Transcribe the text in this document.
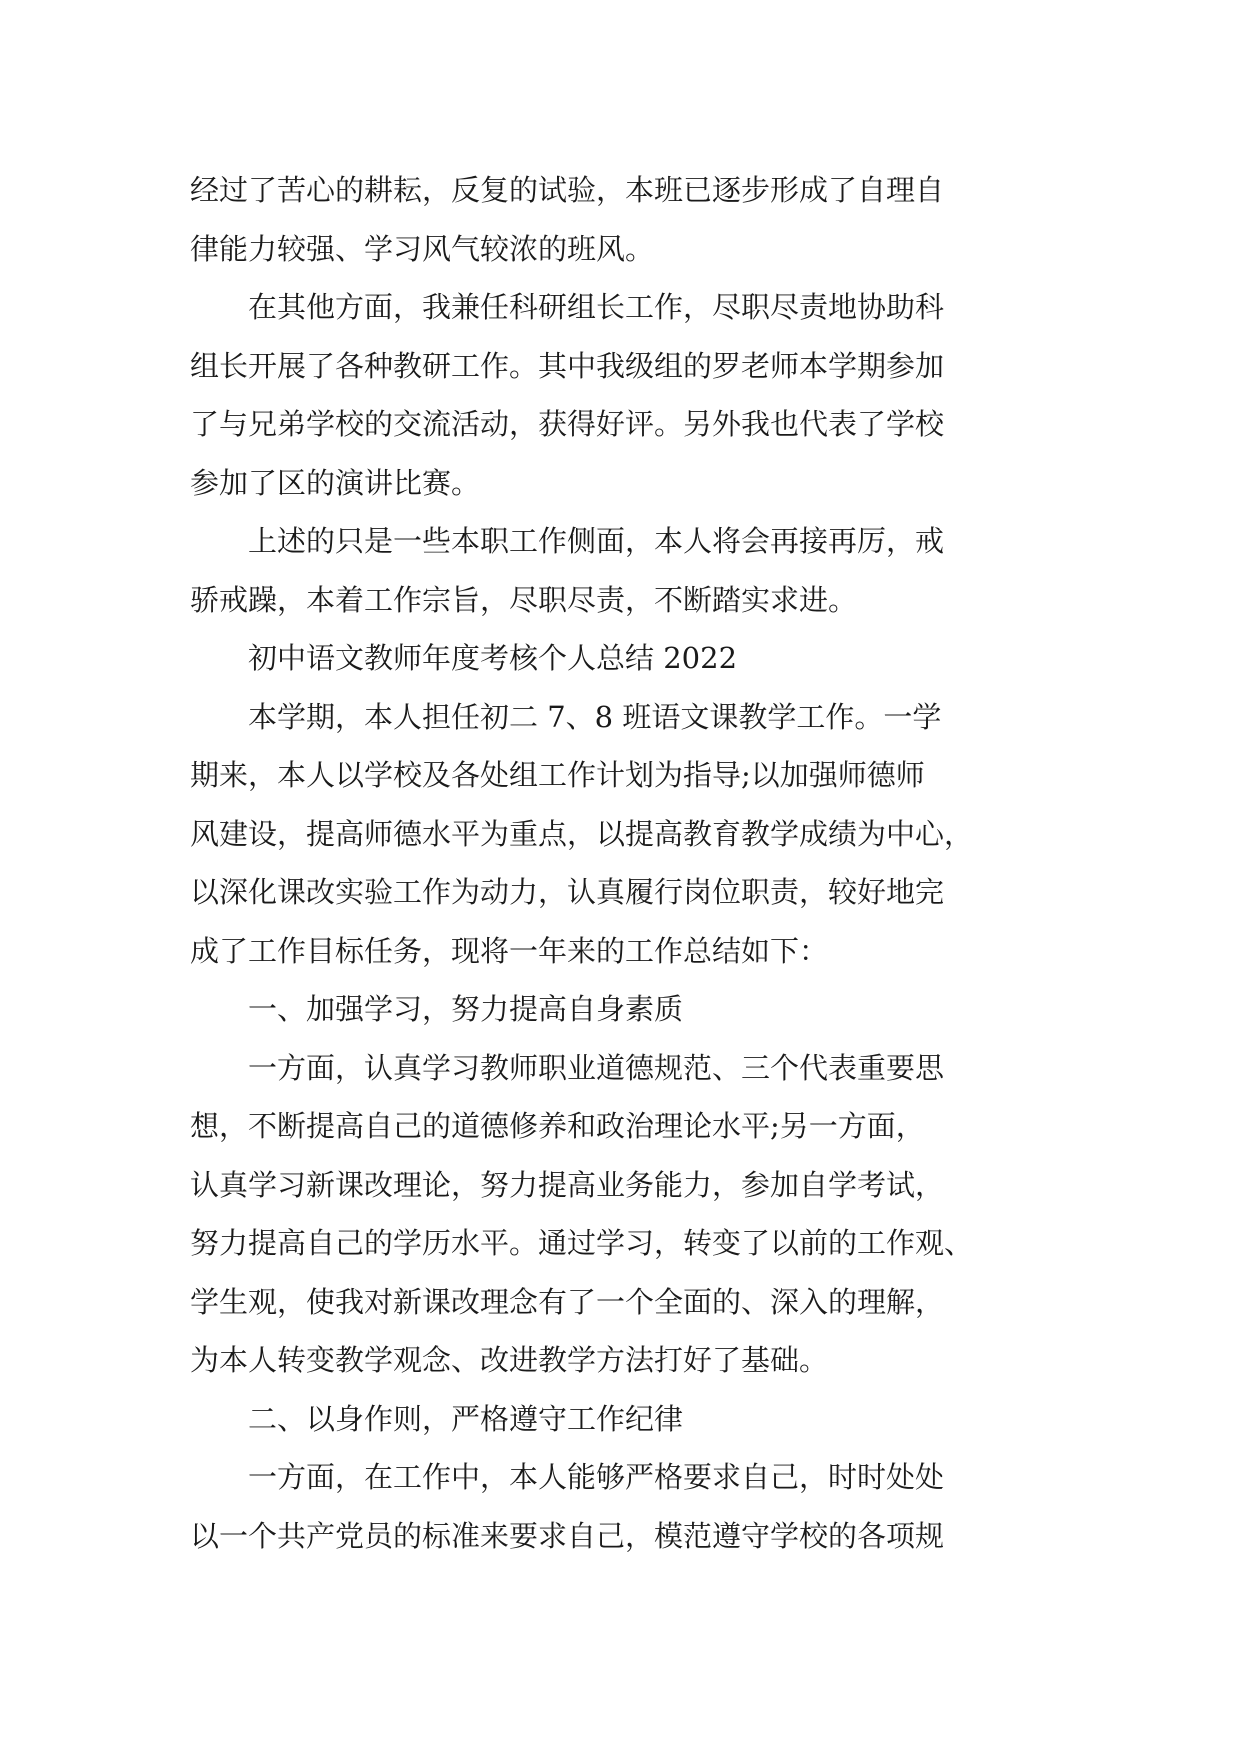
经过了苦心的耕耘，反复的试验，本班已逐步形成了自理自
律能力较强、学习风气较浓的班风。
在其他方面，我兼任科研组长工作，尽职尽责地协助科
组长开展了各种教研工作。其中我级组的罗老师本学期参加
了与兄弟学校的交流活动，获得好评。另外我也代表了学校
参加了区的演讲比赛。
上述的只是一些本职工作侧面，本人将会再接再厉，戒
骄戒躁，本着工作宗旨，尽职尽责，不断踏实求进。
初中语文教师年度考核个人总结 2022
本学期，本人担任初二 7、8 班语文课教学工作。一学
期来，本人以学校及各处组工作计划为指导;以加强师德师
风建设，提高师德水平为重点，以提高教育教学成绩为中心，
以深化课改实验工作为动力，认真履行岗位职责，较好地完
成了工作目标任务，现将一年来的工作总结如下：
一、加强学习，努力提高自身素质
一方面，认真学习教师职业道德规范、三个代表重要思
想，不断提高自己的道德修养和政治理论水平;另一方面，
认真学习新课改理论，努力提高业务能力，参加自学考试，
努力提高自己的学历水平。通过学习，转变了以前的工作观、
学生观，使我对新课改理念有了一个全面的、深入的理解，
为本人转变教学观念、改进教学方法打好了基础。
二、以身作则，严格遵守工作纪律
一方面，在工作中，本人能够严格要求自己，时时处处
以一个共产党员的标准来要求自己，模范遵守学校的各项规
